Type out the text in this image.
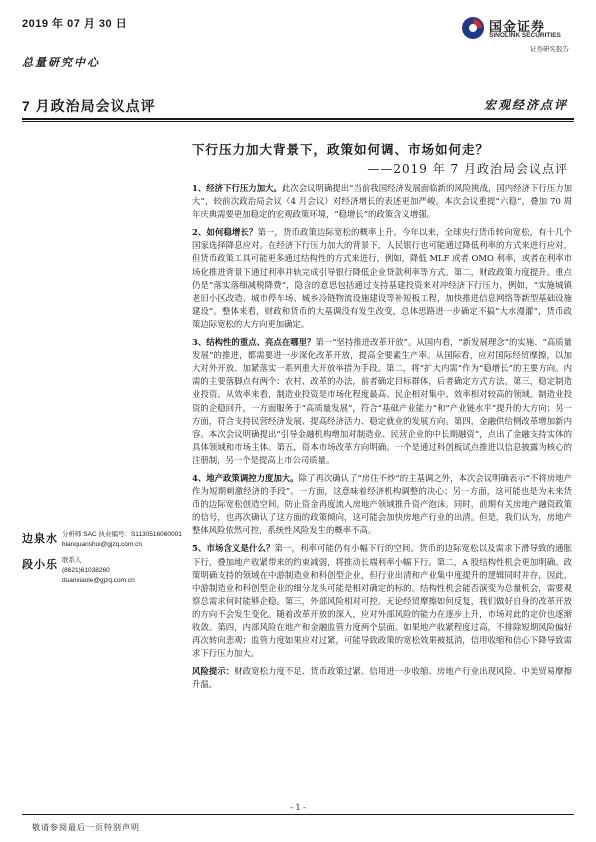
2019 年 07 月 30 日	国金证券
SINOLINK SECURITIES
证券研究报告
总量研究中心
7 月政治局会议点评	宏观经济点评
下行压力加大背景下，政策如何调、市场如何走？
——2019 年 7 月政治局会议点评

1、经济下行压力加大。此次会议明确提出“当前我国经济发展面临新的风险挑战，国内经济下行压力加大”，较前次政治局会议（4 月会议）对经济增长的表述更加严峻。本次会议重提“六稳”，叠加 70 周年庆典需要更加稳定的宏观政策环境，“稳增长”的政策含义增强。

2、如何稳增长？第一，货币政策边际宽松的概率上升。今年以来，全球央行货币转向宽松，有十几个国家选择降息应对。在经济下行压力加大的背景下，人民银行也可能通过降低利率的方式来进行应对，但货币政策工具可能更多通过结构性的方式来进行，例如，降低 MLF 或者 OMO 利率，或者在利率市场化推进背景下通过利率并轨完成引导银行降低企业贷款利率等方式。第二，财政政策力度提升。重点仍是“落实落细减税降费”，隐含的意思包括通过支持基建投资来对冲经济下行压力，例如，“实施城镇老旧小区改造、城市停车场、城乡冷链物流设施建设等补短板工程，加快推进信息网络等新型基础设施建设”。整体来看，财政和货币的大基调没有发生改变，总体思路进一步确定不搞“大水漫灌”，货币政策边际宽松的大方向更加确定。

3、结构性的重点、亮点在哪里？第一“坚持推进改革开放”。从国内看，“新发展理念”的实施、“高质量发展”的推进，都需要进一步深化改革开放，提高全要素生产率。从国际看，应对国际经贸摩擦，以加大对外开放、加紧落实一系列重大开放举措为手段。第二，将“扩大内需”作为“稳增长”的主要方向。内需的主要落脚点有两个：农村、改革的办法，前者确定目标群体，后者确定方式方法。第三，稳定制造业投资。从效率来看，制造业投资是市场化程度最高、民企相对集中、效率相对较高的领域。制造业投资的企稳回升，一方面服务于“高质量发展”，符合“基础产业能力”和“产业链水平”提升的大方向；另一方面，符合支持民营经济发展、提高经济活力、稳定就业的发展方向。第四，金融供给侧改革增加新内容。本次会议明确提出“引导金融机构增加对制造业、民营企业的中长期融资”，点出了金融支持实体的具体领域和市场主体。第五，资本市场改革方向明确。一个是通过科创板试点推进以信息披露为核心的注册制，另一个是提高上市公司质量。

4、地产政策调控力度加大。除了再次确认了“房住不炒”的主基调之外，本次会议明确表示“不将房地产作为短期刺激经济的手段”。一方面，这意味着经济机构调整的决心；另一方面，这可能也是为未来货币的边际宽松创造空间，防止资金再度流入房地产领域推升资产泡沫。同时，前期有关房地产融资政策的信号，也再次确认了这方面的政策倾向，这可能会加快房地产行业的出清。但是，我们认为，房地产整体风险依然可控，系统性风险发生的概率不高。

5、市场含义是什么？第一，利率可能仍有小幅下行的空间。货币的边际宽松以及需求下滑导致的通胀下行，叠加地产收紧带来的约束减弱，将推动长端利率小幅下行。第二，A 股结构性机会更加明确。政策明确支持的领域在中游制造业和科创型企业，但行业出清和产业集中度提升的逻辑同时并存，因此，中游制造业和科创型企业的细分龙头可能是相对确定的标的。结构性机会能否演变为总量机会，需要观察总需求何时能够企稳。第三，外部风险相对可控。无论经贸摩擦如何反复，我们做好自身的改革开放的方向不会发生变化。随着改革开放的深入，应对外部风险的能力在逐步上升，市场对此的定价也逐渐收敛。第四，内部风险在地产和金融监管力度两个层面。如果地产收紧程度过高，不排除短期风险偏好再次转向悲观；监管力度如果应对过紧，可能导致政策的宽松效果被抵消，信用收缩和信心下降导致需求下行压力加大。

风险提示：财政宽松力度不足、货币政策过紧、信用进一步收缩、房地产行业出现风险、中美贸易摩擦升温。

边泉水 分析师 SAC 执业编号：S1130516060001
bianquanshui@gjzq.com.cn
段小乐 联系人
(8621)61038260
duanxiaole@gjzq.com.cn
- 1 -
敬请参阅最后一页特别声明
